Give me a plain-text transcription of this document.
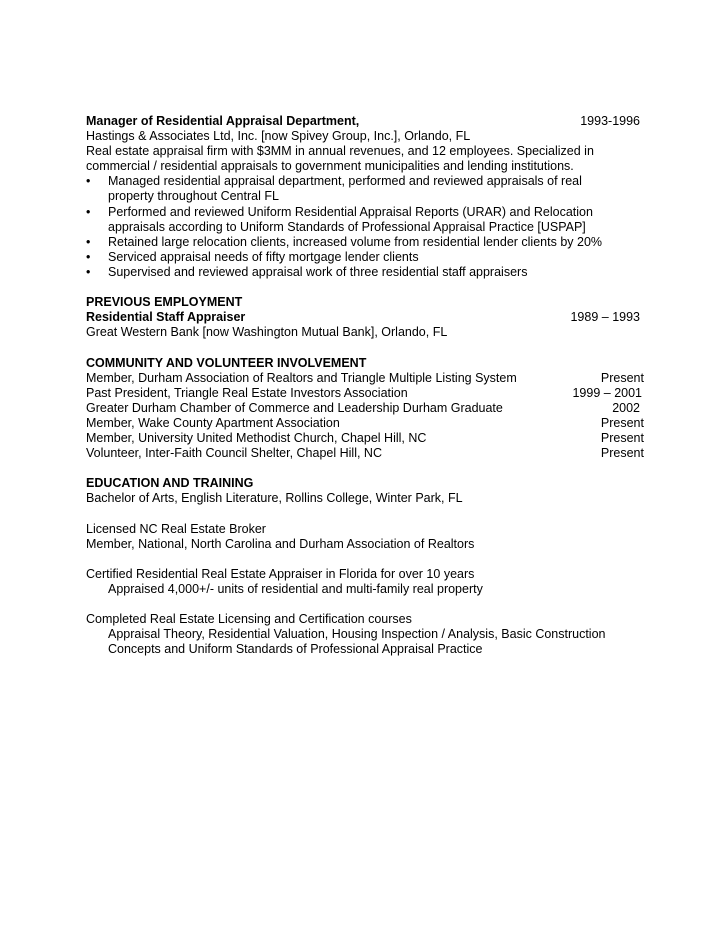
Manager of Residential Appraisal Department,	1993-1996
Hastings & Associates Ltd, Inc. [now Spivey Group, Inc.], Orlando, FL
Real estate appraisal firm with $3MM in annual revenues, and 12 employees. Specialized in
commercial / residential appraisals to government municipalities and lending institutions.
• Managed residential appraisal department, performed and reviewed appraisals of real
property throughout Central FL
• Performed and reviewed Uniform Residential Appraisal Reports (URAR) and Relocation
appraisals according to Uniform Standards of Professional Appraisal Practice [USPAP]
• Retained large relocation clients, increased volume from residential lender clients by 20%
• Serviced appraisal needs of fifty mortgage lender clients
• Supervised and reviewed appraisal work of three residential staff appraisers
PREVIOUS EMPLOYMENT
Residential Staff Appraiser	1989 – 1993
Great Western Bank [now Washington Mutual Bank], Orlando, FL
COMMUNITY AND VOLUNTEER INVOLVEMENT
Member, Durham Association of Realtors and Triangle Multiple Listing System	Present
Past President, Triangle Real Estate Investors Association	1999 – 2001
Greater Durham Chamber of Commerce and Leadership Durham Graduate	2002
Member, Wake County Apartment Association	Present
Member, University United Methodist Church, Chapel Hill, NC	Present
Volunteer, Inter-Faith Council Shelter, Chapel Hill, NC	Present
EDUCATION AND TRAINING
Bachelor of Arts, English Literature, Rollins College, Winter Park, FL
Licensed NC Real Estate Broker
Member, National, North Carolina and Durham Association of Realtors
Certified Residential Real Estate Appraiser in Florida for over 10 years
Appraised 4,000+/- units of residential and multi-family real property
Completed Real Estate Licensing and Certification courses
Appraisal Theory, Residential Valuation, Housing Inspection / Analysis, Basic Construction
Concepts and Uniform Standards of Professional Appraisal Practice
